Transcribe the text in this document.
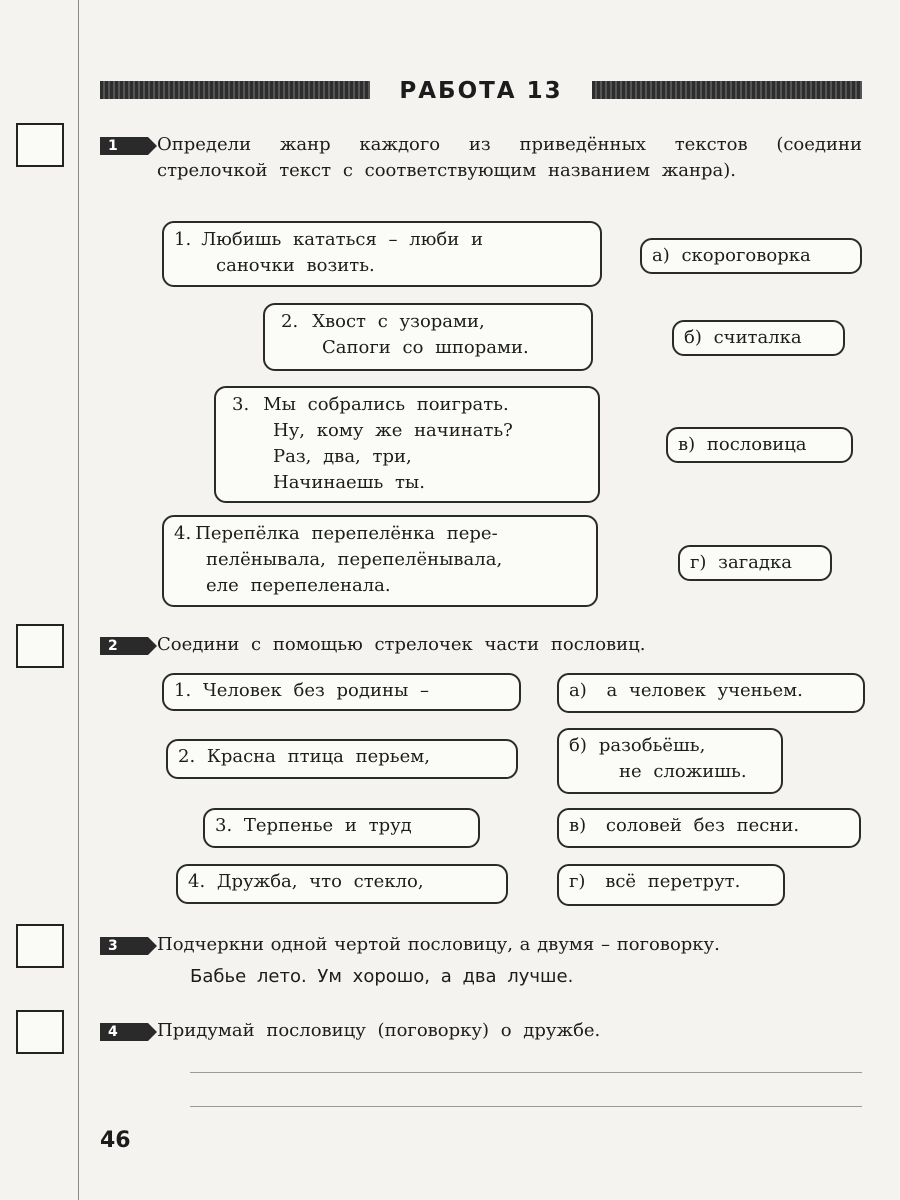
РАБОТА 13
1	Определи жанр каждого из приведённых текстов (соедини стрелочкой текст с соответствующим названием жанра).
1. Любишь кататься – люби и
саночки возить.
2. Хвост с узорами,
Сапоги со шпорами.
3. Мы собрались поиграть.
Ну, кому же начинать?
Раз, два, три,
Начинаешь ты.
4. Перепёлка перепелёнка пере-
пелёнывала, перепелёнывала,
еле перепеленала.
а) скороговорка
б) считалка
в) пословица
г) загадка
2	Соедини с помощью стрелочек части пословиц.
1. Человек без родины –
2. Красна птица перьем,
3. Терпенье и труд
4. Дружба, что стекло,
а) а человек ученьем.
б) разобьёшь,
не сложишь.
в) соловей без песни.
г) всё перетрут.
3	Подчеркни одной чертой пословицу, а двумя – поговорку.
Бабье лето. Ум хорошо, а два лучше.
4	Придумай пословицу (поговорку) о дружбе.
46
